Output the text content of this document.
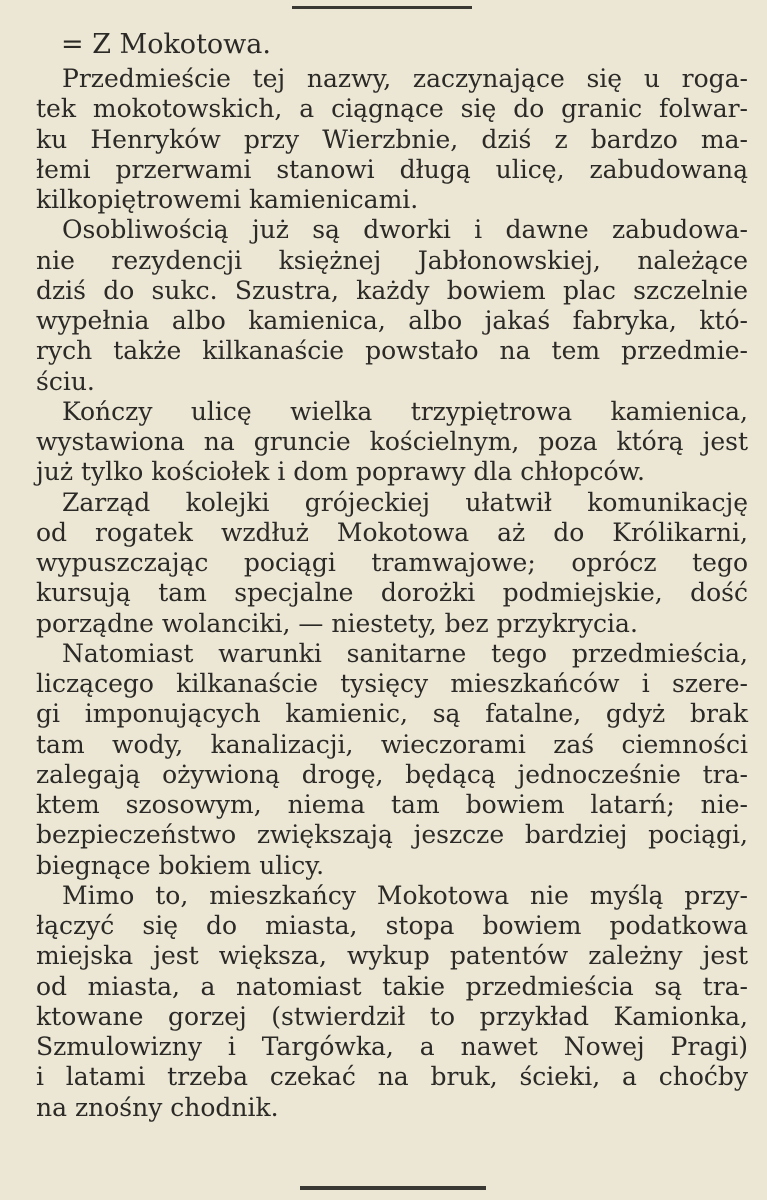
= Z Mokotowa.
Przedmieście tej nazwy, zaczynające się u roga-
tek mokotowskich, a ciągnące się do granic folwar-
ku Henryków przy Wierzbnie, dziś z bardzo ma-
łemi przerwami stanowi długą ulicę, zabudowaną
kilkopiętrowemi kamienicami.
Osobliwością już są dworki i dawne zabudowa-
nie rezydencji księżnej Jabłonowskiej, należące
dziś do sukc. Szustra, każdy bowiem plac szczelnie
wypełnia albo kamienica, albo jakaś fabryka, któ-
rych także kilkanaście powstało na tem przedmie-
ściu.
Kończy ulicę wielka trzypiętrowa kamienica,
wystawiona na gruncie kościelnym, poza którą jest
już tylko kościołek i dom poprawy dla chłopców.
Zarząd kolejki grójeckiej ułatwił komunikację
od rogatek wzdłuż Mokotowa aż do Królikarni,
wypuszczając pociągi tramwajowe; oprócz tego
kursują tam specjalne dorożki podmiejskie, dość
porządne wolanciki, — niestety, bez przykrycia.
Natomiast warunki sanitarne tego przedmieścia,
liczącego kilkanaście tysięcy mieszkańców i szere-
gi imponujących kamienic, są fatalne, gdyż brak
tam wody, kanalizacji, wieczorami zaś ciemności
zalegają ożywioną drogę, będącą jednocześnie tra-
ktem szosowym, niema tam bowiem latarń; nie-
bezpieczeństwo zwiększają jeszcze bardziej pociągi,
biegnące bokiem ulicy.
Mimo to, mieszkańcy Mokotowa nie myślą przy-
łączyć się do miasta, stopa bowiem podatkowa
miejska jest większa, wykup patentów zależny jest
od miasta, a natomiast takie przedmieścia są tra-
ktowane gorzej (stwierdził to przykład Kamionka,
Szmulowizny i Targówka, a nawet Nowej Pragi)
i latami trzeba czekać na bruk, ścieki, a choćby
na znośny chodnik.
